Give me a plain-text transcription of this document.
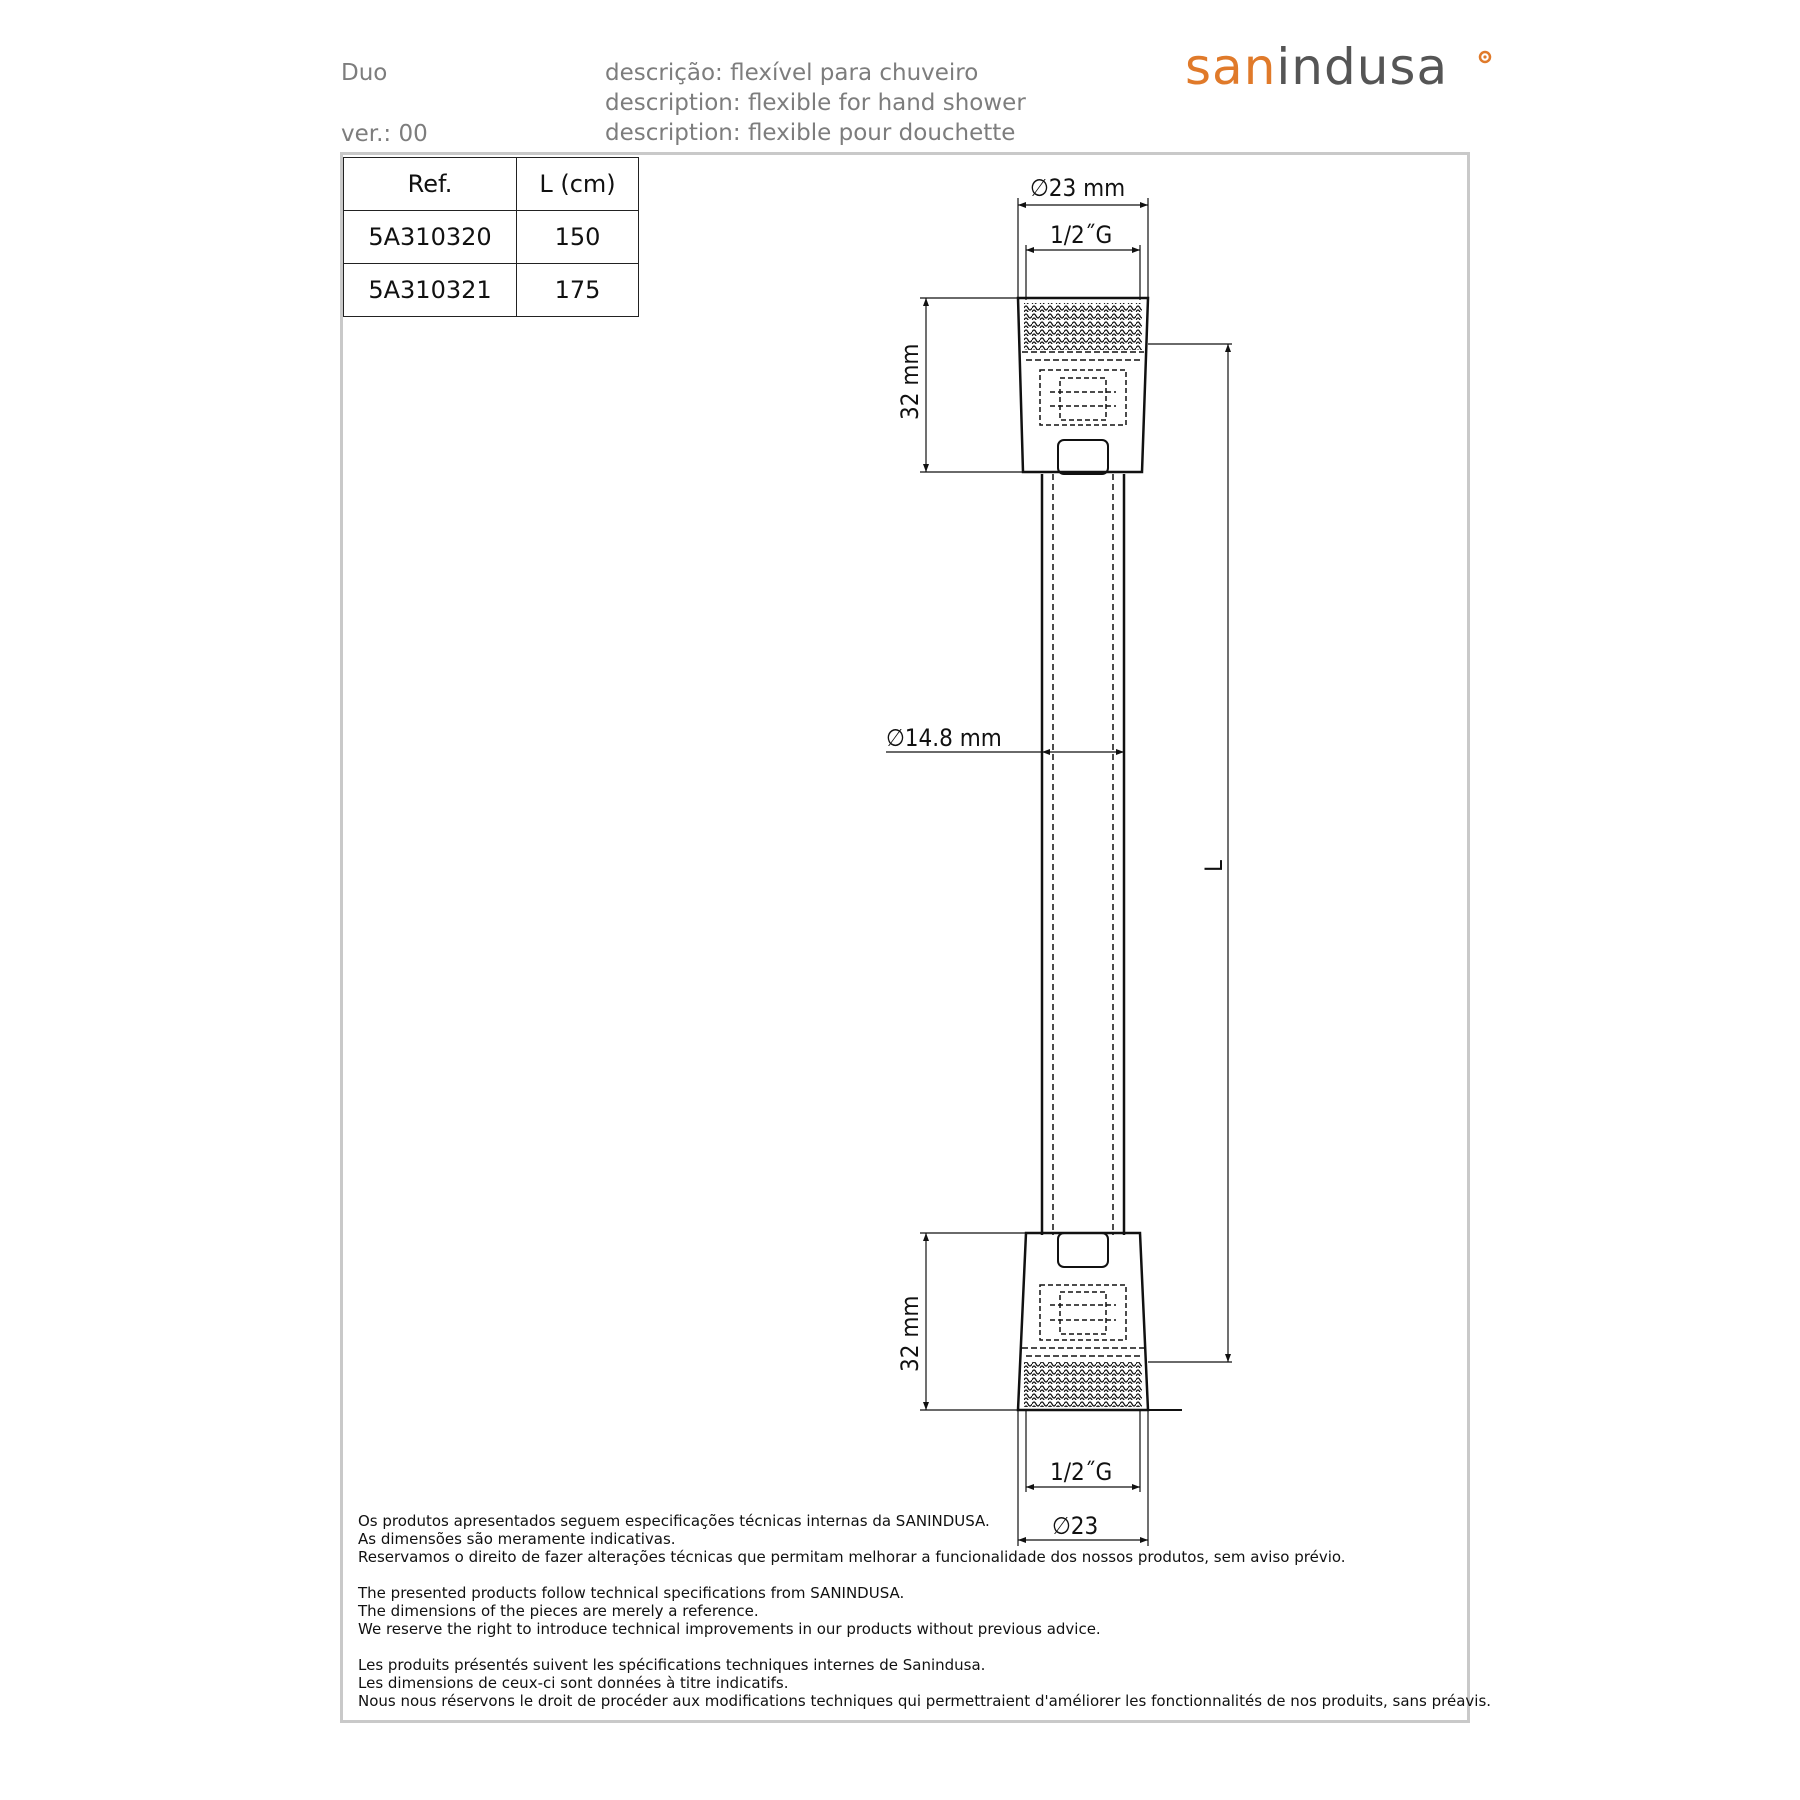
Duo
ver.: 00
descrição: flexível para chuveiro
description: flexible for hand shower
description: flexible pour douchette
sanindusa
Ref.	L (cm)
5A310320	150
5A310321	175
∅23 mm
1/2˝G
32 mm
∅14.8 mm
L
32 mm
1/2˝G
∅23

Os produtos apresentados seguem especificações técnicas internas da SANINDUSA.
As dimensões são meramente indicativas.
Reservamos o direito de fazer alterações técnicas que permitam melhorar a funcionalidade dos nossos produtos, sem aviso prévio.

The presented products follow technical specifications from SANINDUSA.
The dimensions of the pieces are merely a reference.
We reserve the right to introduce technical improvements in our products without previous advice.

Les produits présentés suivent les spécifications techniques internes de Sanindusa.
Les dimensions de ceux-ci sont données à titre indicatifs.
Nous nous réservons le droit de procéder aux modifications techniques qui permettraient d'améliorer les fonctionnalités de nos produits, sans préavis.
